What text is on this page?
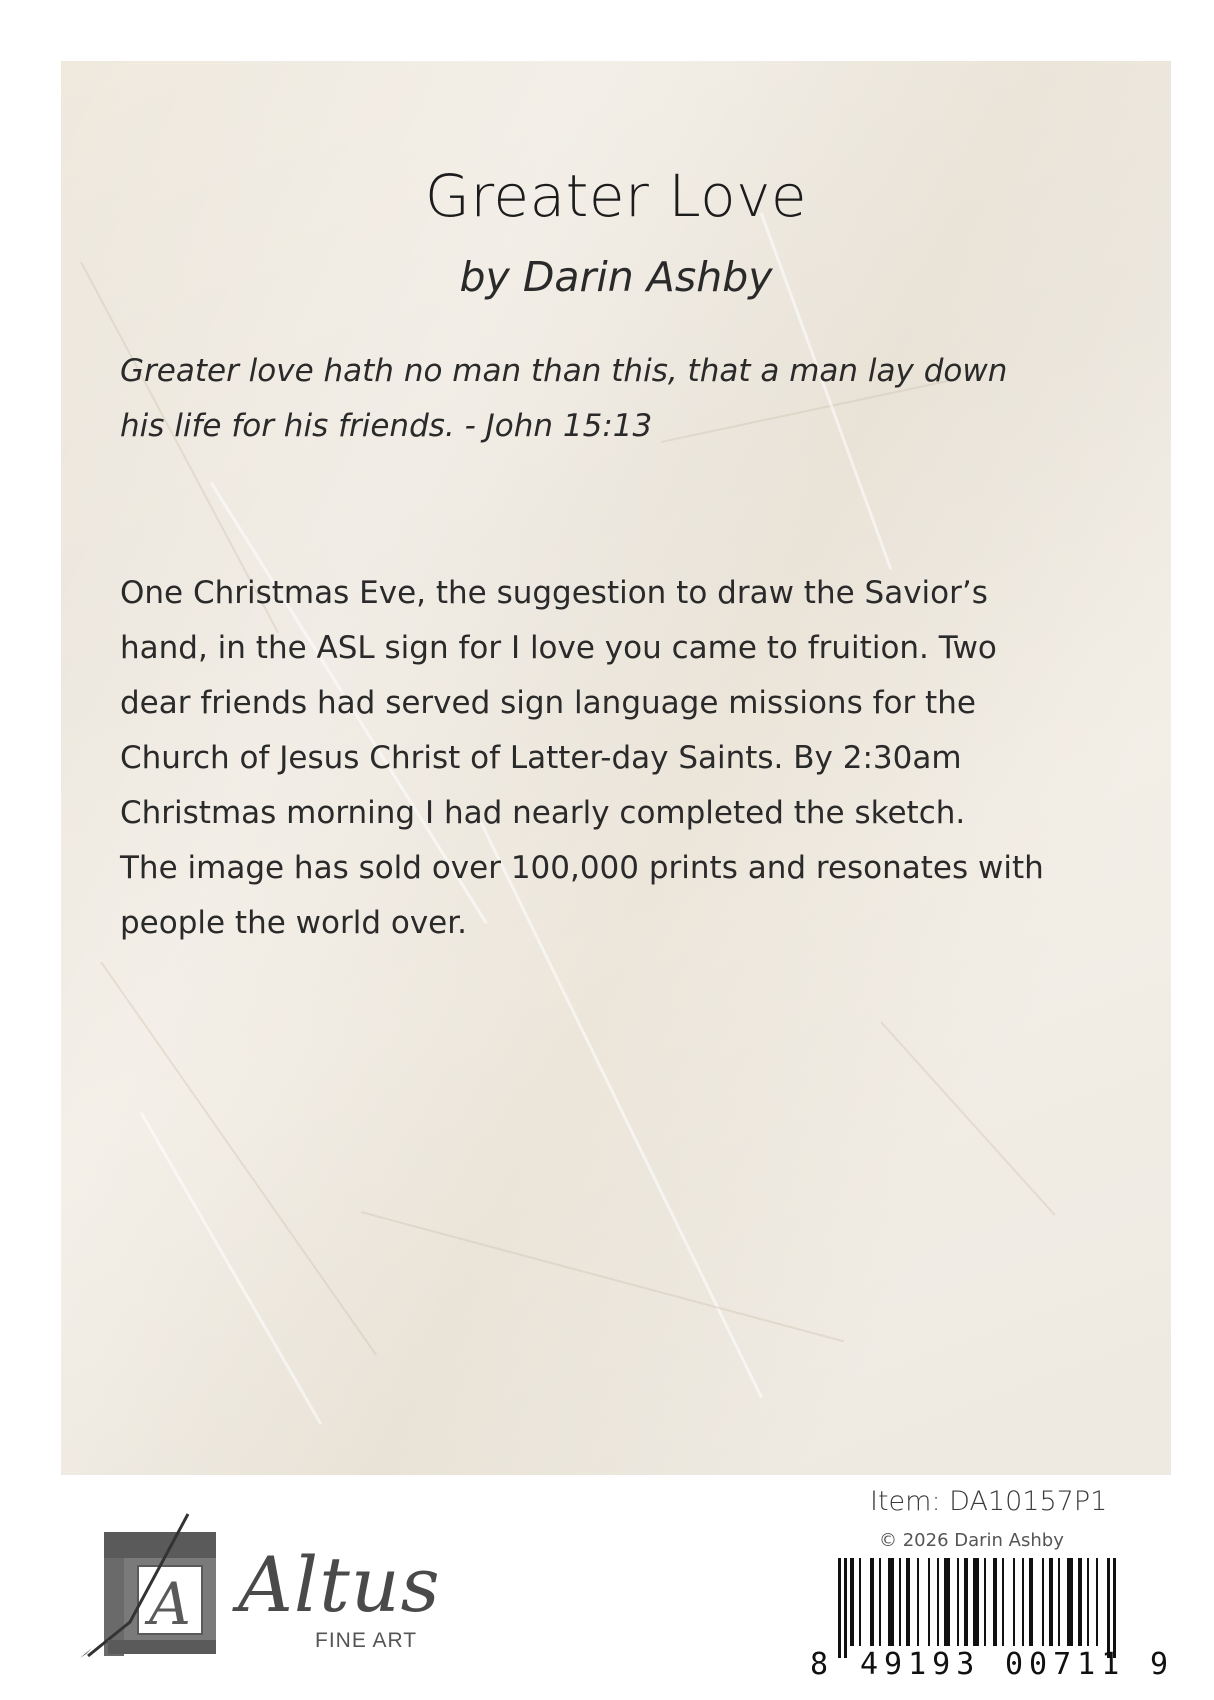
Greater Love
by Darin Ashby
Greater love hath no man than this, that a man lay down
his life for his friends. - John 15:13
One Christmas Eve, the suggestion to draw the Savior’s
hand, in the ASL sign for I love you came to fruition. Two
dear friends had served sign language missions for the
Church of Jesus Christ of Latter-day Saints. By 2:30am
Christmas morning I had nearly completed the sketch.
The image has sold over 100,000 prints and resonates with
people the world over.
A Altus
FINE ART
Item: DA10157P1
© 2026 Darin Ashby
8 49193 00711 9
